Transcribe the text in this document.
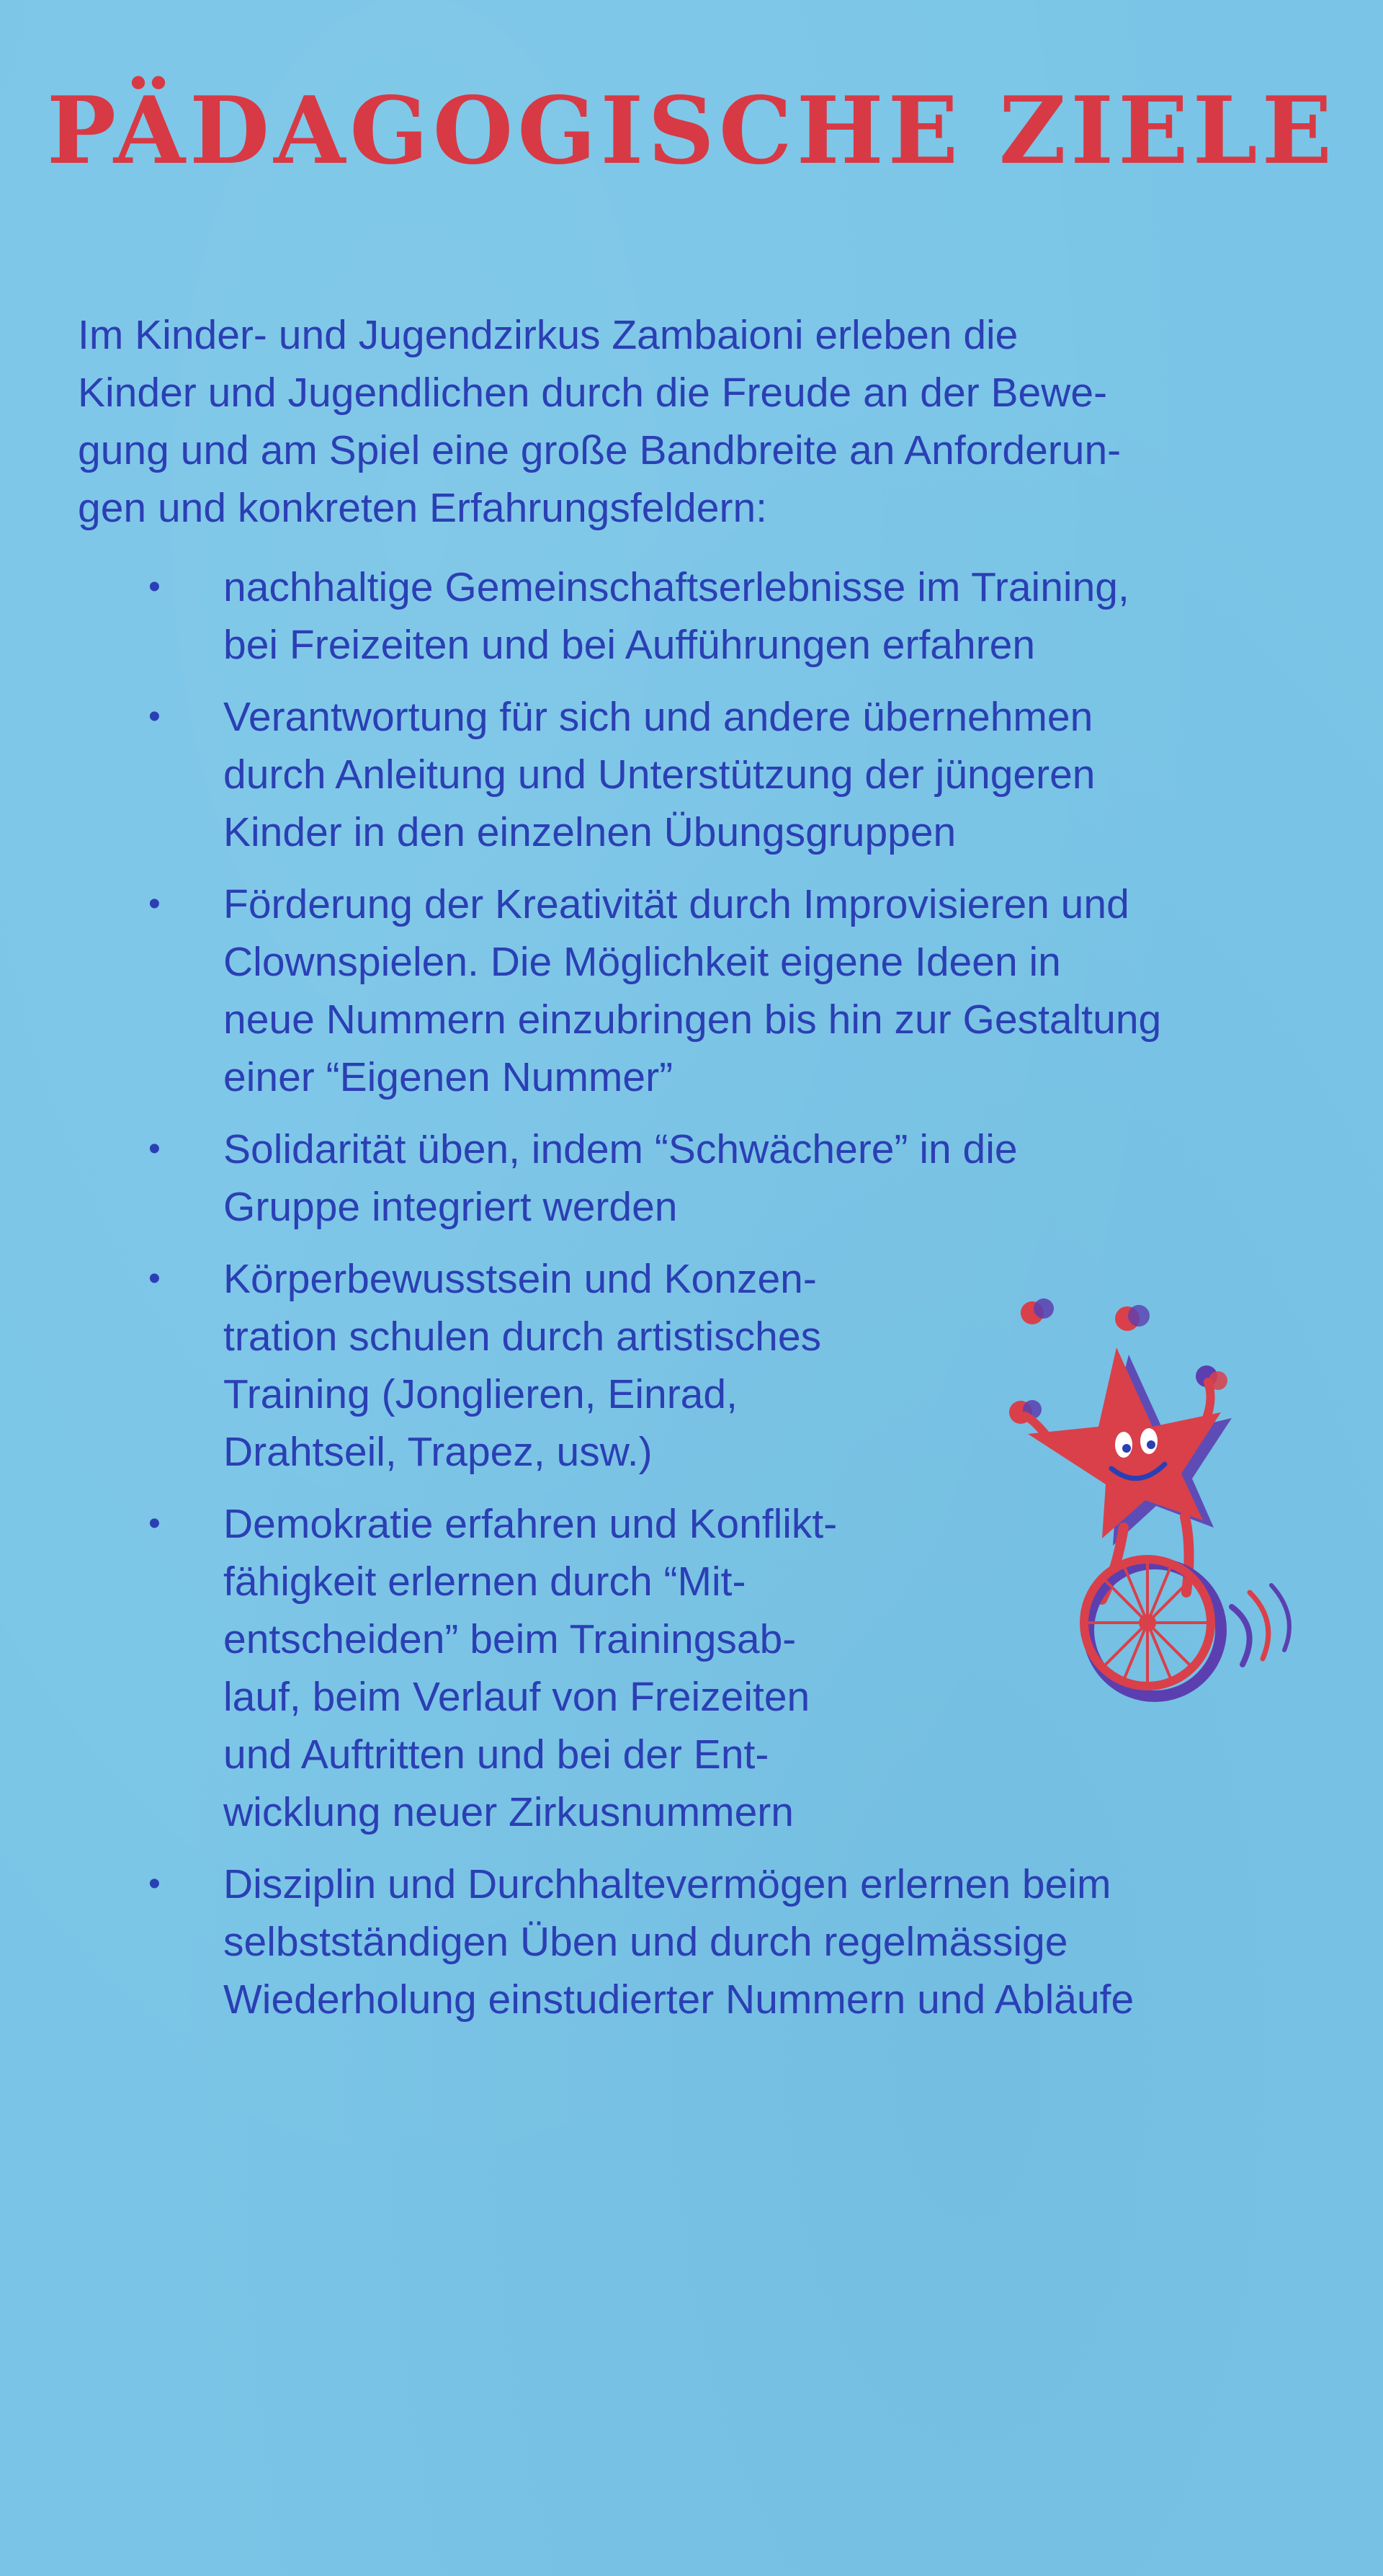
PÄDAGOGISCHE ZIELE
Im Kinder- und Jugendzirkus Zambaioni erleben die
Kinder und Jugendlichen durch die Freude an der Bewe-
gung und am Spiel eine große Bandbreite an Anforderun-
gen und konkreten Erfahrungsfeldern:
• nachhaltige Gemeinschaftserlebnisse im Training,
bei Freizeiten und bei Aufführungen erfahren
• Verantwortung für sich und andere übernehmen
durch Anleitung und Unterstützung der jüngeren
Kinder in den einzelnen Übungsgruppen
• Förderung der Kreativität durch Improvisieren und
Clownspielen. Die Möglichkeit eigene Ideen in
neue Nummern einzubringen bis hin zur Gestaltung
einer “Eigenen Nummer”
• Solidarität üben, indem “Schwächere” in die
Gruppe integriert werden
• Körperbewusstsein und Konzen-
tration schulen durch artistisches
Training (Jonglieren, Einrad,
Drahtseil, Trapez, usw.)
• Demokratie erfahren und Konflikt-
fähigkeit erlernen durch “Mit-
entscheiden” beim Trainingsab-
lauf, beim Verlauf von Freizeiten
und Auftritten und bei der Ent-
wicklung neuer Zirkusnummern
• Disziplin und Durchhaltevermögen erlernen beim
selbstständigen Üben und durch regelmässige
Wiederholung einstudierter Nummern und Abläufe
